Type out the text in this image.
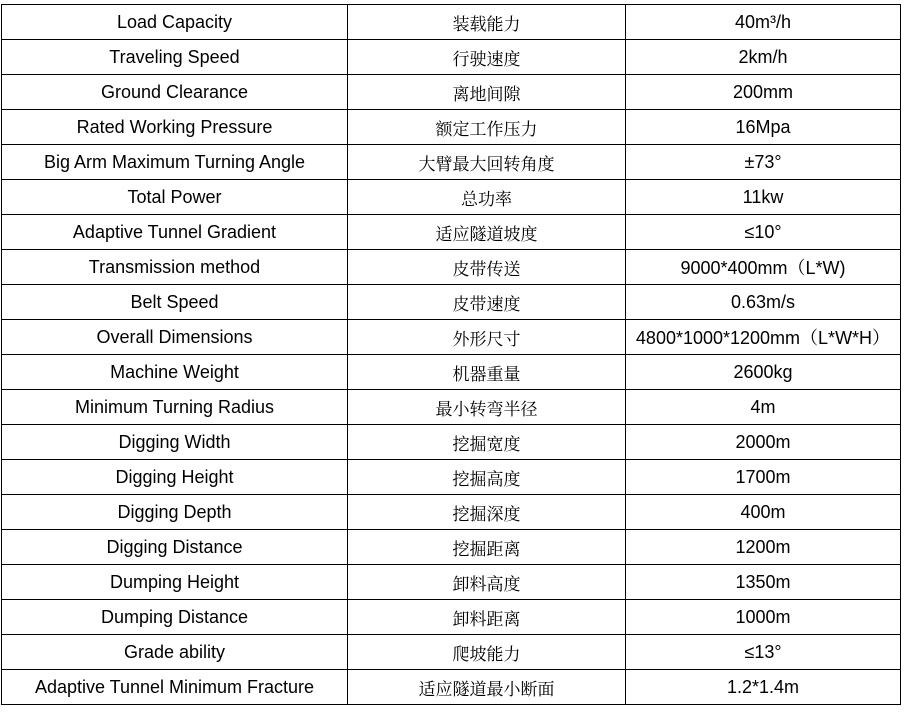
Load Capacity	装载能力	40m³/h
Traveling Speed	行驶速度	2km/h
Ground Clearance	离地间隙	200mm
Rated Working Pressure	额定工作压力	16Mpa
Big Arm Maximum Turning Angle	大臂最大回转角度	±73°
Total Power	总功率	11kw
Adaptive Tunnel Gradient	适应隧道坡度	≤10°
Transmission method	皮带传送	9000*400mm（L*W)
Belt Speed	皮带速度	0.63m/s
Overall Dimensions	外形尺寸	4800*1000*1200mm（L*W*H）
Machine Weight	机器重量	2600kg
Minimum Turning Radius	最小转弯半径	4m
Digging Width	挖掘宽度	2000m
Digging Height	挖掘高度	1700m
Digging Depth	挖掘深度	400m
Digging Distance	挖掘距离	1200m
Dumping Height	卸料高度	1350m
Dumping Distance	卸料距离	1000m
Grade ability	爬坡能力	≤13°
Adaptive Tunnel Minimum Fracture	适应隧道最小断面	1.2*1.4m
